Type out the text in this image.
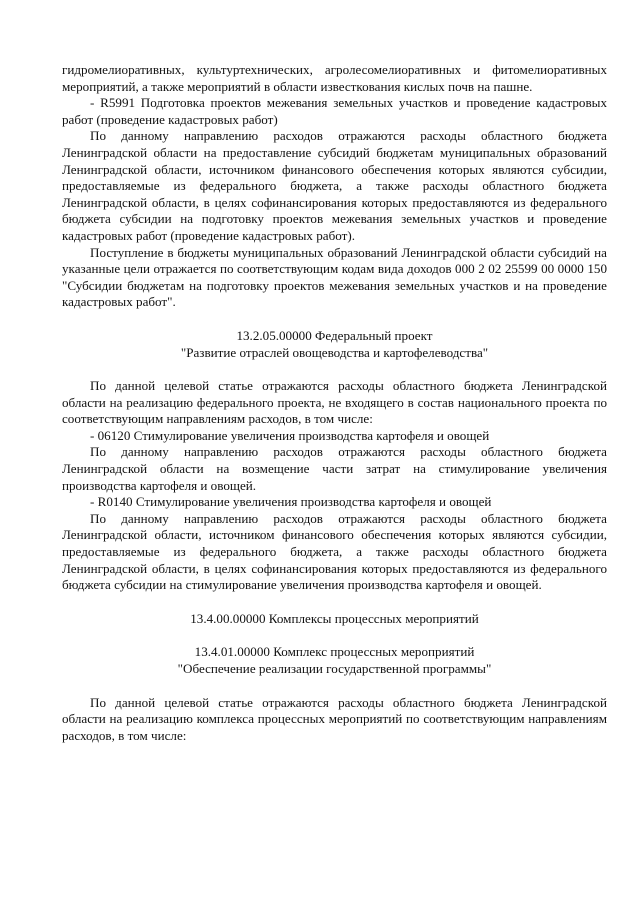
гидромелиоративных, культуртехнических, агролесомелиоративных и фитомелиоративных мероприятий, а также мероприятий в области известкования кислых почв на пашне.

- R5991 Подготовка проектов межевания земельных участков и проведение кадастровых работ (проведение кадастровых работ)

По данному направлению расходов отражаются расходы областного бюджета Ленинградской области на предоставление субсидий бюджетам муниципальных образований Ленинградской области, источником финансового обеспечения которых являются субсидии, предоставляемые из федерального бюджета, а также расходы областного бюджета Ленинградской области, в целях софинансирования которых предоставляются из федерального бюджета субсидии на подготовку проектов межевания земельных участков и проведение кадастровых работ (проведение кадастровых работ).

Поступление в бюджеты муниципальных образований Ленинградской области субсидий на указанные цели отражается по соответствующим кодам вида доходов 000 2 02 25599 00 0000 150 "Субсидии бюджетам на подготовку проектов межевания земельных участков и на проведение кадастровых работ".

13.2.05.00000 Федеральный проект
"Развитие отраслей овощеводства и картофелеводства"

По данной целевой статье отражаются расходы областного бюджета Ленинградской области на реализацию федерального проекта, не входящего в состав национального проекта по соответствующим направлениям расходов, в том числе:

- 06120 Стимулирование увеличения производства картофеля и овощей

По данному направлению расходов отражаются расходы областного бюджета Ленинградской области на возмещение части затрат на стимулирование увеличения производства картофеля и овощей.

- R0140 Стимулирование увеличения производства картофеля и овощей

По данному направлению расходов отражаются расходы областного бюджета Ленинградской области, источником финансового обеспечения которых являются субсидии, предоставляемые из федерального бюджета, а также расходы областного бюджета Ленинградской области, в целях софинансирования которых предоставляются из федерального бюджета субсидии на стимулирование увеличения производства картофеля и овощей.

13.4.00.00000 Комплексы процессных мероприятий
13.4.01.00000 Комплекс процессных мероприятий
"Обеспечение реализации государственной программы"

По данной целевой статье отражаются расходы областного бюджета Ленинградской области на реализацию комплекса процессных мероприятий по соответствующим направлениям расходов, в том числе:
